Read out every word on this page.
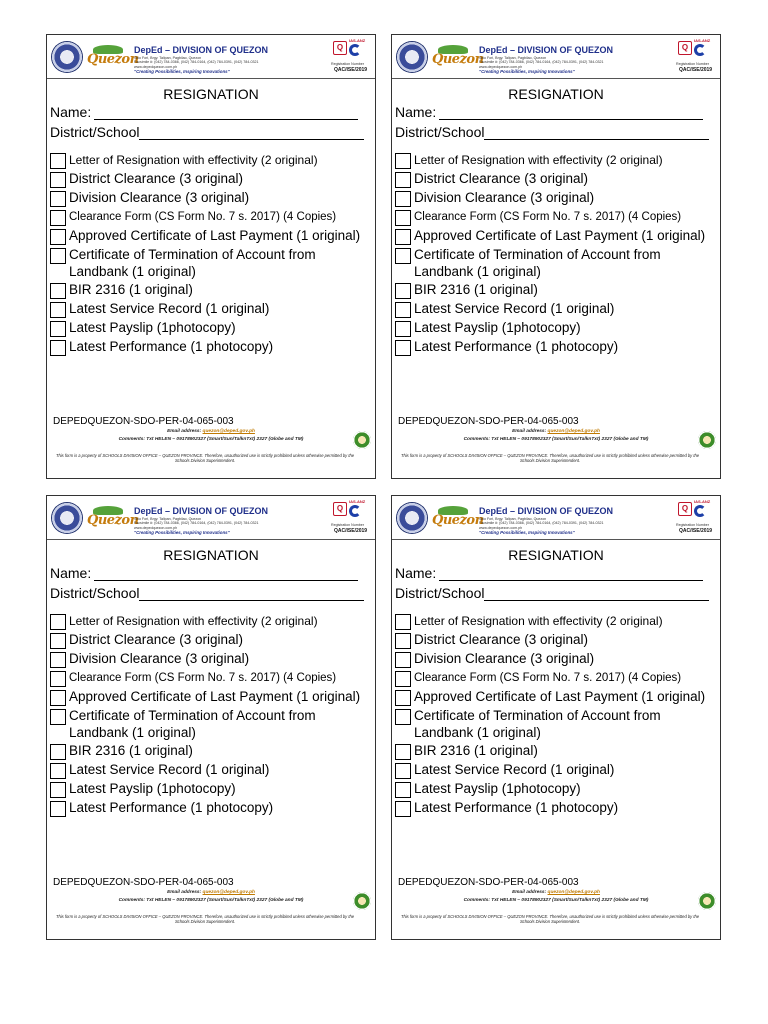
Quezon
DepEd – DIVISION OF QUEZON
Sitio Fori, Brgy. Talipan, Pagbilao, Quezon
Facsimile #: (042) 784-0366, (042) 784-0164, (042) 784-0391, (042) 784-0321
www.depedquezon.com.ph
"Creating Possibilities, Inspiring Innovations"
Q
IAS-ANZ
Registration Number
QAC/ISE/2019
RESIGNATION
Name:
District/School
Letter of Resignation with effectivity (2 original)
District Clearance (3 original)
Division Clearance (3 original)
Clearance Form (CS Form No. 7 s. 2017) (4 Copies)
Approved Certificate of Last Payment (1 original)
Certificate of Termination of Account from Landbank (1 original)
BIR 2316 (1 original)
Latest Service Record (1 original)
Latest Payslip (1photocopy)
Latest Performance (1 photocopy)
DEPEDQUEZON-SDO-PER-04-065-003
Email address: quezon@deped.gov.ph
Comments: Txt HELEN – 09178902327 (Smart/Sun/TalknTxt) 2327 (Globe and TM)
This form is a property of SCHOOLS DIVISION OFFICE – QUEZON PROVINCE. Therefore, unauthorized use is strictly prohibited unless otherwise permitted by the Schools Division Superintendent.
Quezon
DepEd – DIVISION OF QUEZON
Sitio Fori, Brgy. Talipan, Pagbilao, Quezon
Facsimile #: (042) 784-0366, (042) 784-0164, (042) 784-0391, (042) 784-0321
www.depedquezon.com.ph
"Creating Possibilities, Inspiring Innovations"
Q
IAS-ANZ
Registration Number
QAC/ISE/2019
RESIGNATION
Name:
District/School
Letter of Resignation with effectivity (2 original)
District Clearance (3 original)
Division Clearance (3 original)
Clearance Form (CS Form No. 7 s. 2017) (4 Copies)
Approved Certificate of Last Payment (1 original)
Certificate of Termination of Account from Landbank (1 original)
BIR 2316 (1 original)
Latest Service Record (1 original)
Latest Payslip (1photocopy)
Latest Performance (1 photocopy)
DEPEDQUEZON-SDO-PER-04-065-003
Email address: quezon@deped.gov.ph
Comments: Txt HELEN – 09178902327 (Smart/Sun/TalknTxt) 2327 (Globe and TM)
This form is a property of SCHOOLS DIVISION OFFICE – QUEZON PROVINCE. Therefore, unauthorized use is strictly prohibited unless otherwise permitted by the Schools Division Superintendent.
Quezon
DepEd – DIVISION OF QUEZON
Sitio Fori, Brgy. Talipan, Pagbilao, Quezon
Facsimile #: (042) 784-0366, (042) 784-0164, (042) 784-0391, (042) 784-0321
www.depedquezon.com.ph
"Creating Possibilities, Inspiring Innovations"
Q
IAS-ANZ
Registration Number
QAC/ISE/2019
RESIGNATION
Name:
District/School
Letter of Resignation with effectivity (2 original)
District Clearance (3 original)
Division Clearance (3 original)
Clearance Form (CS Form No. 7 s. 2017) (4 Copies)
Approved Certificate of Last Payment (1 original)
Certificate of Termination of Account from Landbank (1 original)
BIR 2316 (1 original)
Latest Service Record (1 original)
Latest Payslip (1photocopy)
Latest Performance (1 photocopy)
DEPEDQUEZON-SDO-PER-04-065-003
Email address: quezon@deped.gov.ph
Comments: Txt HELEN – 09178902327 (Smart/Sun/TalknTxt) 2327 (Globe and TM)
This form is a property of SCHOOLS DIVISION OFFICE – QUEZON PROVINCE. Therefore, unauthorized use is strictly prohibited unless otherwise permitted by the Schools Division Superintendent.
Quezon
DepEd – DIVISION OF QUEZON
Sitio Fori, Brgy. Talipan, Pagbilao, Quezon
Facsimile #: (042) 784-0366, (042) 784-0164, (042) 784-0391, (042) 784-0321
www.depedquezon.com.ph
"Creating Possibilities, Inspiring Innovations"
Q
IAS-ANZ
Registration Number
QAC/ISE/2019
RESIGNATION
Name:
District/School
Letter of Resignation with effectivity (2 original)
District Clearance (3 original)
Division Clearance (3 original)
Clearance Form (CS Form No. 7 s. 2017) (4 Copies)
Approved Certificate of Last Payment (1 original)
Certificate of Termination of Account from Landbank (1 original)
BIR 2316 (1 original)
Latest Service Record (1 original)
Latest Payslip (1photocopy)
Latest Performance (1 photocopy)
DEPEDQUEZON-SDO-PER-04-065-003
Email address: quezon@deped.gov.ph
Comments: Txt HELEN – 09178902327 (Smart/Sun/TalknTxt) 2327 (Globe and TM)
This form is a property of SCHOOLS DIVISION OFFICE – QUEZON PROVINCE. Therefore, unauthorized use is strictly prohibited unless otherwise permitted by the Schools Division Superintendent.
